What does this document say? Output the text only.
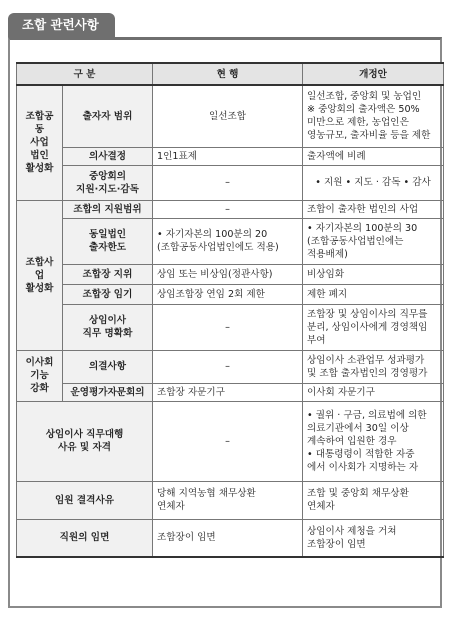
조합 관련사항
구 분		현 행	개정안
조합공동
사업
법인
활성화	출자자 범위	일선조합	일선조합, 중앙회 및 농업인
※ 중앙회의 출자액은 50%
미만으로 제한, 농업인은
영농규모, 출자비율 등을 제한
	의사결정	1인1표제	출자액에 비례
	중앙회의
지원·지도·감독	–	• 지원 • 지도 · 감독 • 감사
조합사업
활성화	조합의 지원범위	–	조합이 출자한 법인의 사업
	동일법인
출자한도	• 자기자본의 100분의 20
(조합공동사업법인에도 적용)	• 자기자본의 100분의 30
(조합공동사업법인에는
적용배제)
	조합장 지위	상임 또는 비상임(정관사항)	비상임화
	조합장 임기	상임조합장 연임 2회 제한	제한 폐지
	상임이사
직무 명확화	–	조합장 및 상임이사의 직무를
분리, 상임이사에게 경영책임
부여
이사회
기능
강화	의결사항	–	상임이사 소관업무 성과평가
및 조합 출자법인의 경영평가
	운영평가자문회의	조합장 자문기구	이사회 자문기구
상임이사 직무대행
사유 및 자격		–	• 궐위 · 구금, 의료법에 의한
의료기관에서 30일 이상
계속하여 입원한 경우
• 대통령령이 적합한 자중
에서 이사회가 지명하는 자
임원 결격사유		당해 지역농협 채무상환
연체자	조합 및 중앙회 채무상환
연체자
직원의 임면		조합장이 임면	상임이사 제청을 거쳐
조합장이 임면
